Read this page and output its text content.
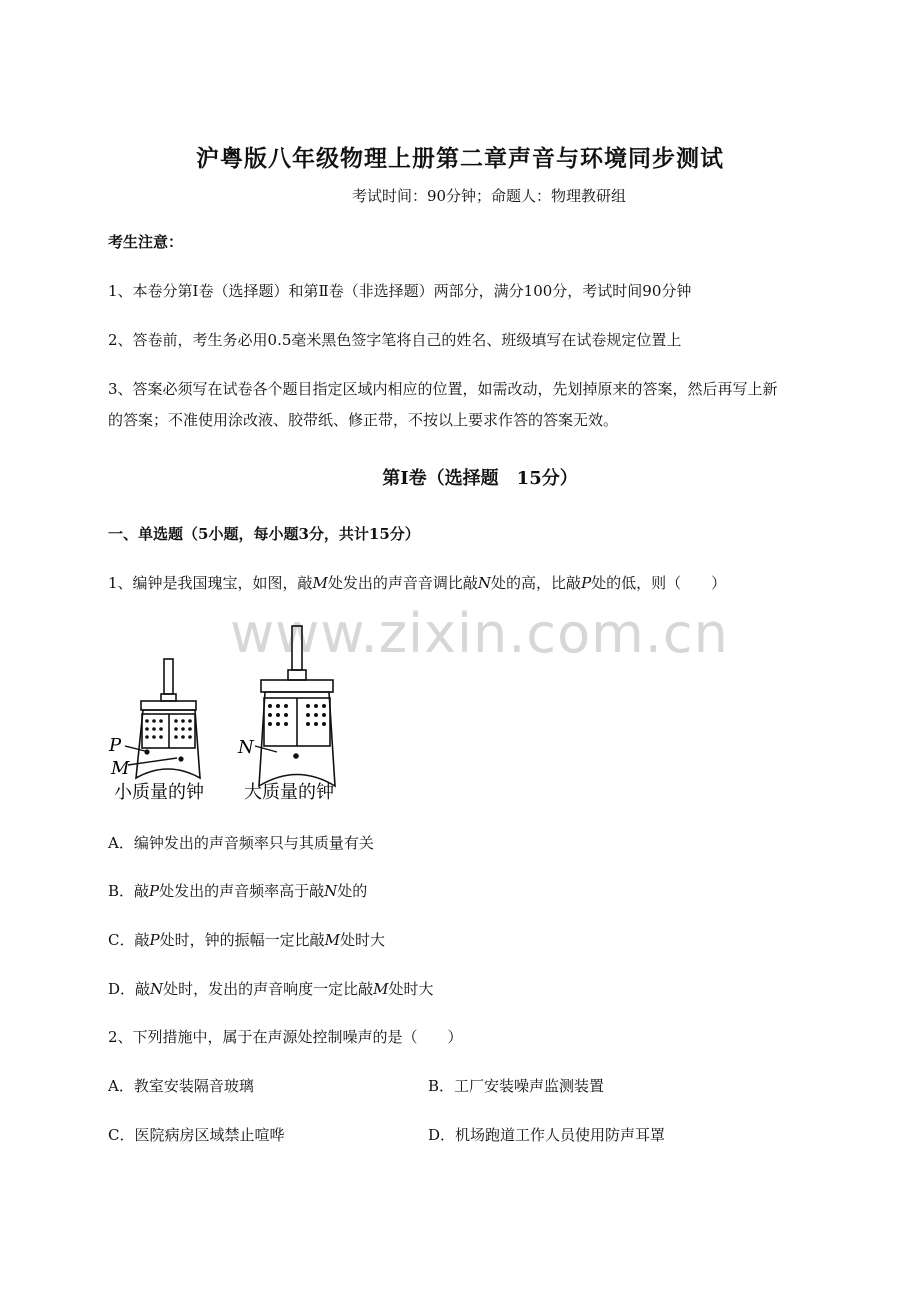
沪粤版八年级物理上册第二章声音与环境同步测试
考试时间：90分钟；命题人：物理教研组
考生注意：
1、本卷分第I卷（选择题）和第Ⅱ卷（非选择题）两部分，满分100分，考试时间90分钟
2、答卷前，考生务必用0.5毫米黑色签字笔将自己的姓名、班级填写在试卷规定位置上
3、答案必须写在试卷各个题目指定区域内相应的位置，如需改动，先划掉原来的答案，然后再写上新
的答案；不准使用涂改液、胶带纸、修正带，不按以上要求作答的答案无效。
第I卷（选择题　15分）
一、单选题（5小题，每小题3分，共计15分）
1、编钟是我国瑰宝，如图，敲M处发出的声音音调比敲N处的高，比敲P处的低，则（　　）
www.zixin.com.cn
P
M
N
小质量的钟 大质量的钟
A．编钟发出的声音频率只与其质量有关
B．敲P处发出的声音频率高于敲N处的
C．敲P处时，钟的振幅一定比敲M处时大
D．敲N处时，发出的声音响度一定比敲M处时大
2、下列措施中，属于在声源处控制噪声的是（　　）
A．教室安装隔音玻璃	B．工厂安装噪声监测装置
C．医院病房区域禁止喧哗	D．机场跑道工作人员使用防声耳罩
